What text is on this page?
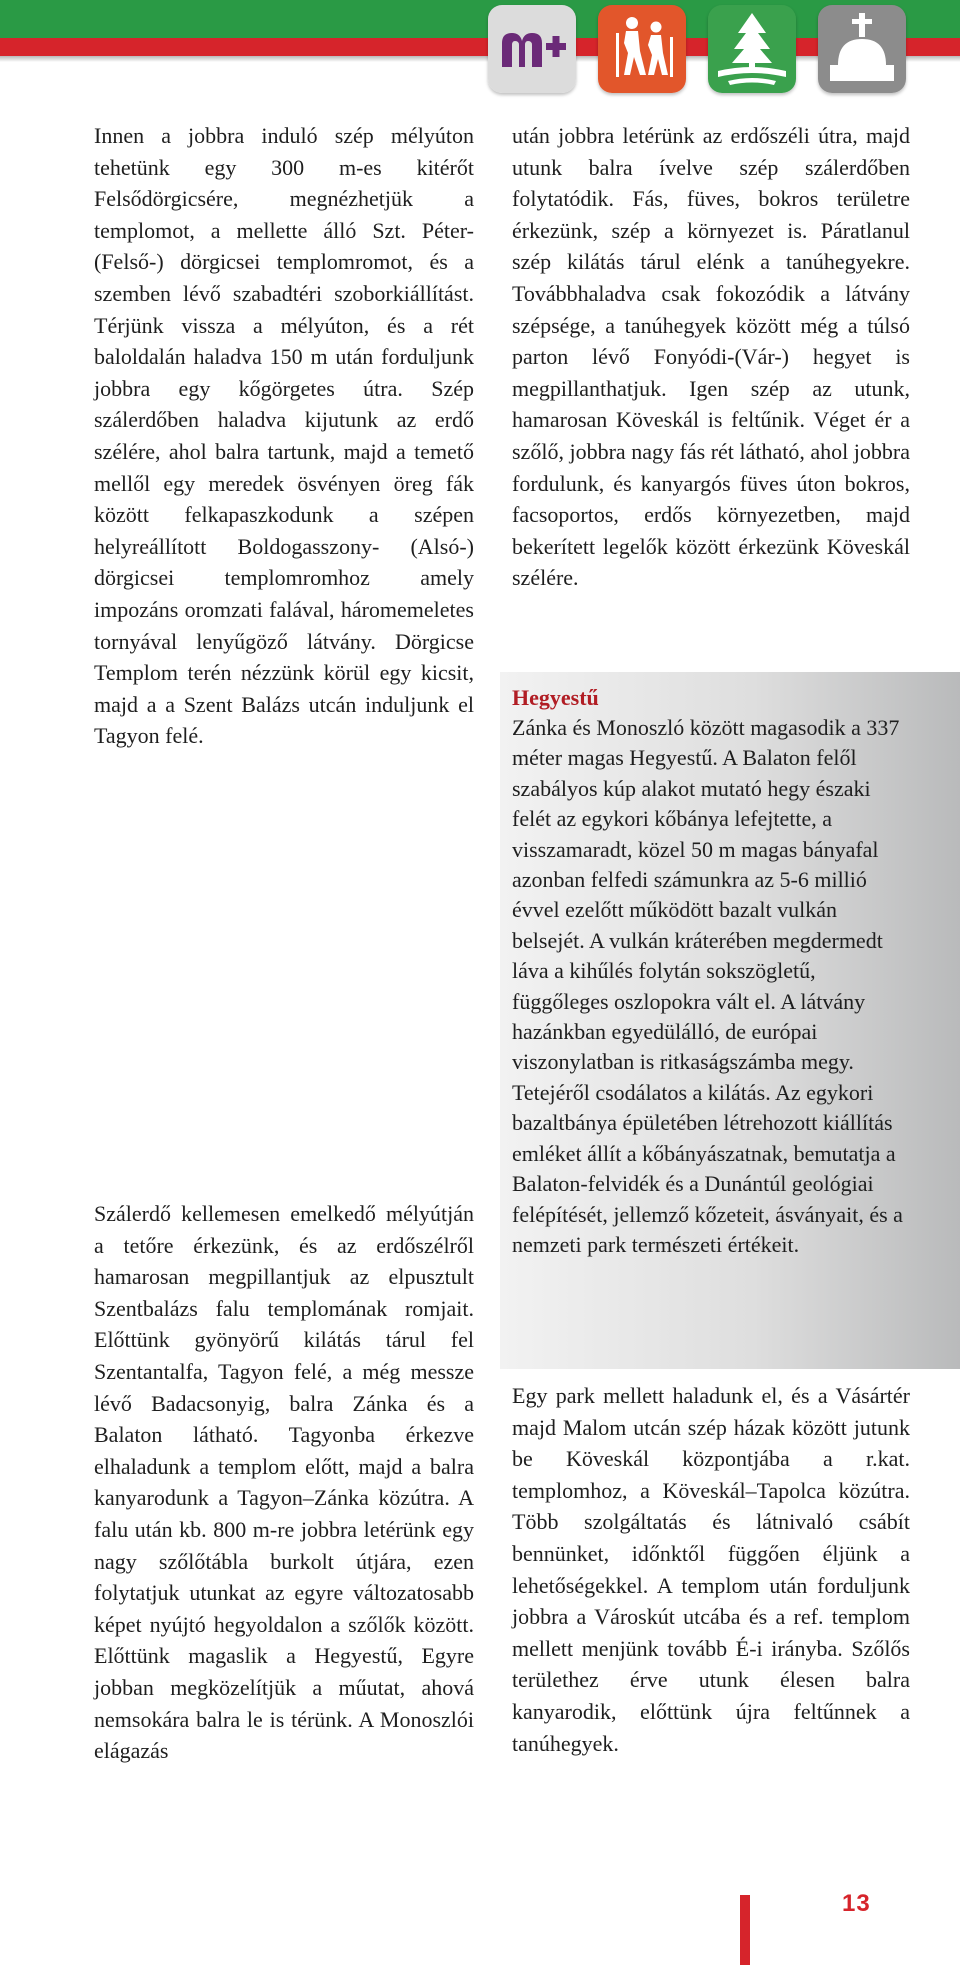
Innen a jobbra induló szép mélyúton tehetünk egy 300 m-es kitérőt Felsődörgicsére, megnézhetjük a templomot, a mellette álló Szt. Péter- (Felső-) dörgicsei templomromot, és a szemben lévő szabadtéri szoborkiállítást. Térjünk vissza a mélyúton, és a rét baloldalán haladva 150 m után forduljunk jobbra egy kőgörgetes útra. Szép szálerdőben haladva kijutunk az erdő szélére, ahol balra tartunk, majd a temető mellől egy meredek ösvényen öreg fák között felkapaszkodunk a szépen helyreállított Boldogasszony- (Alsó-) dörgicsei templomromhoz amely impozáns oromzati falával, háromemeletes tornyával lenyűgöző látvány. Dörgicse Templom terén nézzünk körül egy kicsit, majd a a Szent Balázs utcán induljunk el Tagyon felé.

Szálerdő kellemesen emelkedő mélyútján a tetőre érkezünk, és az erdőszélről hamarosan megpillantjuk az elpusztult Szentbalázs falu templomának romjait. Előttünk gyönyörű kilátás tárul fel Szentantalfa, Tagyon felé, a még messze lévő Badacsonyig, balra Zánka és a Balaton látható. Tagyonba érkezve elhaladunk a templom előtt, majd a balra kanyarodunk a Tagyon–Zánka közútra. A falu után kb. 800 m-re jobbra letérünk egy nagy szőlőtábla burkolt útjára, ezen folytatjuk utunkat az egyre változatosabb képet nyújtó hegyoldalon a szőlők között. Előttünk magaslik a Hegyestű, Egyre jobban megközelítjük a műutat, ahová nemsokára balra le is térünk. A Monoszlói elágazás

után jobbra letérünk az erdőszéli útra, majd utunk balra ívelve szép szálerdőben folytatódik. Fás, füves, bokros területre érkezünk, szép a környezet is. Páratlanul szép kilátás tárul elénk a tanúhegyekre. Továbbhaladva csak fokozódik a látvány szépsége, a tanúhegyek között még a túlsó parton lévő Fonyódi-(Vár-) hegyet is megpillanthatjuk. Igen szép az utunk, hamarosan Köveskál is feltűnik. Véget ér a szőlő, jobbra nagy fás rét látható, ahol jobbra fordulunk, és kanyargós füves úton bokros, facsoportos, erdős környezetben, majd bekerített legelők között érkezünk Köveskál szélére.

Hegyestű

Zánka és Monoszló között magasodik a 337 méter magas Hegyestű. A Balaton felől szabályos kúp alakot mutató hegy északi felét az egykori kőbánya lefejtette, a visszamaradt, közel 50 m magas bányafal azonban felfedi számunkra az 5-6 millió évvel ezelőtt működött bazalt vulkán belsejét. A vulkán kráterében megdermedt láva a kihűlés folytán sokszögletű, függőleges oszlopokra vált el. A látvány hazánkban egyedülálló, de európai viszonylatban is ritkaságszámba megy. Tetejéről csodálatos a kilátás. Az egykori bazaltbánya épületében létrehozott kiállítás emléket állít a kőbányászatnak, bemutatja a Balaton-felvidék és a Dunántúl geológiai felépítését, jellemző kőzeteit, ásványait, és a nemzeti park természeti értékeit.

Egy park mellett haladunk el, és a Vásártér majd Malom utcán szép házak között jutunk be Köveskál központjába a r.kat. templomhoz, a Köveskál–Tapolca közútra. Több szolgáltatás és látnivaló csábít bennünket, időnktől függően éljünk a lehetőségekkel. A templom után forduljunk jobbra a Városkút utcába és a ref. templom mellett menjünk tovább É-i irányba. Szőlős területhez érve utunk élesen balra kanyarodik, előttünk újra feltűnnek a tanúhegyek.

13
